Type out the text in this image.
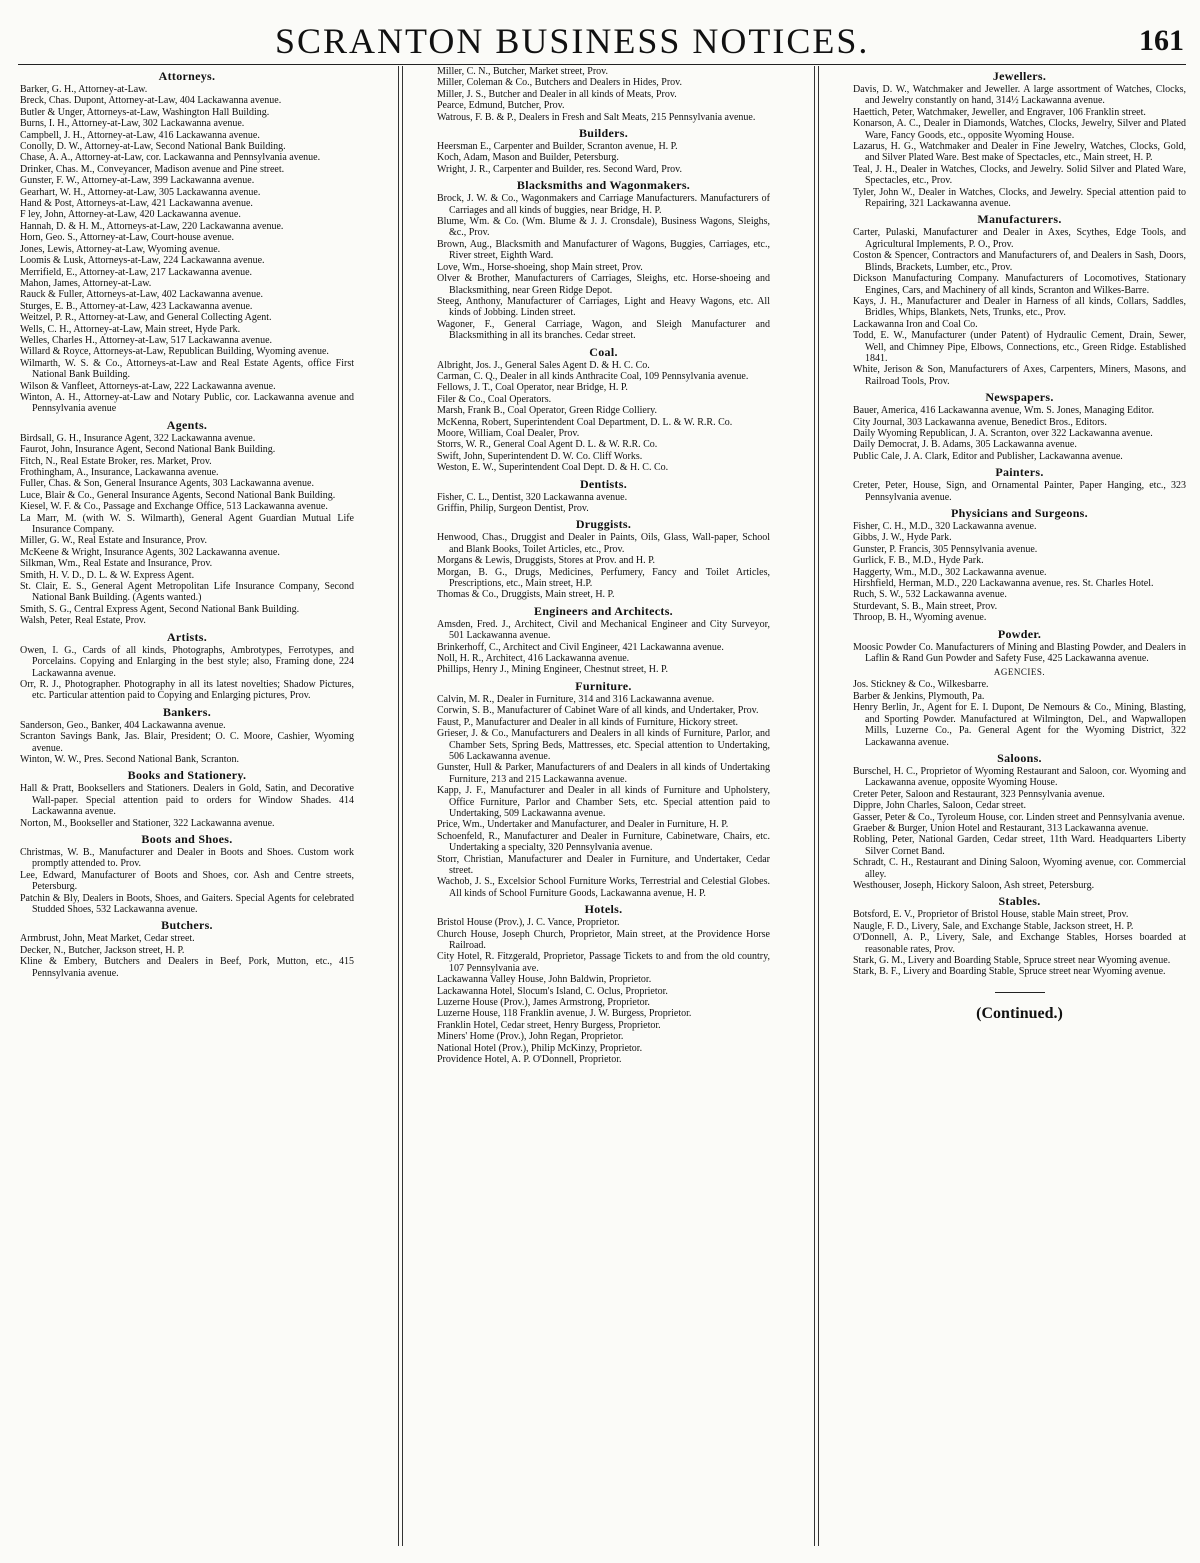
SCRANTON BUSINESS NOTICES.	161
Attorneys.

Barker, G. H., Attorney-at-Law.

Breck, Chas. Dupont, Attorney-at-Law, 404 Lackawanna avenue.

Butler & Unger, Attorneys-at-Law, Washington Hall Building.

Burns, I. H., Attorney-at-Law, 302 Lackawanna avenue.

Campbell, J. H., Attorney-at-Law, 416 Lackawanna avenue.

Conolly, D. W., Attorney-at-Law, Second National Bank Building.

Chase, A. A., Attorney-at-Law, cor. Lackawanna and Pennsylvania avenue.

Drinker, Chas. M., Conveyancer, Madison avenue and Pine street.

Gunster, F. W., Attorney-at-Law, 399 Lackawanna avenue.

Gearhart, W. H., Attorney-at-Law, 305 Lackawanna avenue.

Hand & Post, Attorneys-at-Law, 421 Lackawanna avenue.

F ley, John, Attorney-at-Law, 420 Lackawanna avenue.

Hannah, D. & H. M., Attorneys-at-Law, 220 Lackawanna avenue.

Horn, Geo. S., Attorney-at-Law, Court-house avenue.

Jones, Lewis, Attorney-at-Law, Wyoming avenue.

Loomis & Lusk, Attorneys-at-Law, 224 Lackawanna avenue.

Merrifield, E., Attorney-at-Law, 217 Lackawanna avenue.

Mahon, James, Attorney-at-Law.

Rauck & Fuller, Attorneys-at-Law, 402 Lackawanna avenue.

Sturges, E. B., Attorney-at-Law, 423 Lackawanna avenue.

Weitzel, P. R., Attorney-at-Law, and General Collecting Agent.

Wells, C. H., Attorney-at-Law, Main street, Hyde Park.

Welles, Charles H., Attorney-at-Law, 517 Lackawanna avenue.

Willard & Royce, Attorneys-at-Law, Republican Building, Wyoming avenue.

Wilmarth, W. S. & Co., Attorneys-at-Law and Real Estate Agents, office First National Bank Building.

Wilson & Vanfleet, Attorneys-at-Law, 222 Lackawanna avenue.

Winton, A. H., Attorney-at-Law and Notary Public, cor. Lackawanna avenue and Pennsylvania avenue

Agents.

Birdsall, G. H., Insurance Agent, 322 Lackawanna avenue.

Faurot, John, Insurance Agent, Second National Bank Building.

Fitch, N., Real Estate Broker, res. Market, Prov.

Frothingham, A., Insurance, Lackawanna avenue.

Fuller, Chas. & Son, General Insurance Agents, 303 Lackawanna avenue.

Luce, Blair & Co., General Insurance Agents, Second National Bank Building.

Kiesel, W. F. & Co., Passage and Exchange Office, 513 Lackawanna avenue.

La Marr, M. (with W. S. Wilmarth), General Agent Guardian Mutual Life Insurance Company.

Miller, G. W., Real Estate and Insurance, Prov.

McKeene & Wright, Insurance Agents, 302 Lackawanna avenue.

Silkman, Wm., Real Estate and Insurance, Prov.

Smith, H. V. D., D. L. & W. Express Agent.

St. Clair, E. S., General Agent Metropolitan Life Insurance Company, Second National Bank Building. (Agents wanted.)

Smith, S. G., Central Express Agent, Second National Bank Building.

Walsh, Peter, Real Estate, Prov.

Artists.

Owen, I. G., Cards of all kinds, Photographs, Ambrotypes, Ferrotypes, and Porcelains. Copying and Enlarging in the best style; also, Framing done, 224 Lackawanna avenue.

Orr, R. J., Photographer. Photography in all its latest novelties; Shadow Pictures, etc. Particular attention paid to Copying and Enlarging pictures, Prov.

Bankers.

Sanderson, Geo., Banker, 404 Lackawanna avenue.

Scranton Savings Bank, Jas. Blair, President; O. C. Moore, Cashier, Wyoming avenue.

Winton, W. W., Pres. Second National Bank, Scranton.

Books and Stationery.

Hall & Pratt, Booksellers and Stationers. Dealers in Gold, Satin, and Decorative Wall-paper. Special attention paid to orders for Window Shades. 414 Lackawanna avenue.

Norton, M., Bookseller and Stationer, 322 Lackawanna avenue.

Boots and Shoes.

Christmas, W. B., Manufacturer and Dealer in Boots and Shoes. Custom work promptly attended to. Prov.

Lee, Edward, Manufacturer of Boots and Shoes, cor. Ash and Centre streets, Petersburg.

Patchin & Bly, Dealers in Boots, Shoes, and Gaiters. Special Agents for celebrated Studded Shoes, 532 Lackawanna avenue.

Butchers.

Armbrust, John, Meat Market, Cedar street.

Decker, N., Butcher, Jackson street, H. P.

Kline & Embery, Butchers and Dealers in Beef, Pork, Mutton, etc., 415 Pennsylvania avenue.

Miller, C. N., Butcher, Market street, Prov.

Miller, Coleman & Co., Butchers and Dealers in Hides, Prov.

Miller, J. S., Butcher and Dealer in all kinds of Meats, Prov.

Pearce, Edmund, Butcher, Prov.

Watrous, F. B. & P., Dealers in Fresh and Salt Meats, 215 Pennsylvania avenue.

Builders.

Heersman E., Carpenter and Builder, Scranton avenue, H. P.

Koch, Adam, Mason and Builder, Petersburg.

Wright, J. R., Carpenter and Builder, res. Second Ward, Prov.

Blacksmiths and Wagonmakers.

Brock, J. W. & Co., Wagonmakers and Carriage Manufacturers. Manufacturers of Carriages and all kinds of buggies, near Bridge, H. P.

Blume, Wm. & Co. (Wm. Blume & J. J. Cronsdale), Business Wagons, Sleighs, &c., Prov.

Brown, Aug., Blacksmith and Manufacturer of Wagons, Buggies, Carriages, etc., River street, Eighth Ward.

Love, Wm., Horse-shoeing, shop Main street, Prov.

Olver & Brother, Manufacturers of Carriages, Sleighs, etc. Horse-shoeing and Blacksmithing, near Green Ridge Depot.

Steeg, Anthony, Manufacturer of Carriages, Light and Heavy Wagons, etc. All kinds of Jobbing. Linden street.

Wagoner, F., General Carriage, Wagon, and Sleigh Manufacturer and Blacksmithing in all its branches. Cedar street.

Coal.

Albright, Jos. J., General Sales Agent D. & H. C. Co.

Carman, C. Q., Dealer in all kinds Anthracite Coal, 109 Pennsylvania avenue.

Fellows, J. T., Coal Operator, near Bridge, H. P.

Filer & Co., Coal Operators.

Marsh, Frank B., Coal Operator, Green Ridge Colliery.

McKenna, Robert, Superintendent Coal Department, D. L. & W. R.R. Co.

Moore, William, Coal Dealer, Prov.

Storrs, W. R., General Coal Agent D. L. & W. R.R. Co.

Swift, John, Superintendent D. W. Co. Cliff Works.

Weston, E. W., Superintendent Coal Dept. D. & H. C. Co.

Dentists.

Fisher, C. L., Dentist, 320 Lackawanna avenue.

Griffin, Philip, Surgeon Dentist, Prov.

Druggists.

Henwood, Chas., Druggist and Dealer in Paints, Oils, Glass, Wall-paper, School and Blank Books, Toilet Articles, etc., Prov.

Morgans & Lewis, Druggists, Stores at Prov. and H. P.

Morgan, B. G., Drugs, Medicines, Perfumery, Fancy and Toilet Articles, Prescriptions, etc., Main street, H.P.

Thomas & Co., Druggists, Main street, H. P.

Engineers and Architects.

Amsden, Fred. J., Architect, Civil and Mechanical Engineer and City Surveyor, 501 Lackawanna avenue.

Brinkerhoff, C., Architect and Civil Engineer, 421 Lackawanna avenue.

Noll, H. R., Architect, 416 Lackawanna avenue.

Phillips, Henry J., Mining Engineer, Chestnut street, H. P.

Furniture.

Calvin, M. R., Dealer in Furniture, 314 and 316 Lackawanna avenue.

Corwin, S. B., Manufacturer of Cabinet Ware of all kinds, and Undertaker, Prov.

Faust, P., Manufacturer and Dealer in all kinds of Furniture, Hickory street.

Grieser, J. & Co., Manufacturers and Dealers in all kinds of Furniture, Parlor, and Chamber Sets, Spring Beds, Mattresses, etc. Special attention to Undertaking, 506 Lackawanna avenue.

Gunster, Hull & Parker, Manufacturers of and Dealers in all kinds of Undertaking Furniture, 213 and 215 Lackawanna avenue.

Kapp, J. F., Manufacturer and Dealer in all kinds of Furniture and Upholstery, Office Furniture, Parlor and Chamber Sets, etc. Special attention paid to Undertaking, 509 Lackawanna avenue.

Price, Wm., Undertaker and Manufacturer, and Dealer in Furniture, H. P.

Schoenfeld, R., Manufacturer and Dealer in Furniture, Cabinetware, Chairs, etc. Undertaking a specialty, 320 Pennsylvania avenue.

Storr, Christian, Manufacturer and Dealer in Furniture, and Undertaker, Cedar street.

Wachob, J. S., Excelsior School Furniture Works, Terrestrial and Celestial Globes. All kinds of School Furniture Goods, Lackawanna avenue, H. P.

Hotels.

Bristol House (Prov.), J. C. Vance, Proprietor.

Church House, Joseph Church, Proprietor, Main street, at the Providence Horse Railroad.

City Hotel, R. Fitzgerald, Proprietor, Passage Tickets to and from the old country, 107 Pennsylvania ave.

Lackawanna Valley House, John Baldwin, Proprietor.

Lackawanna Hotel, Slocum's Island, C. Oclus, Proprietor.

Luzerne House (Prov.), James Armstrong, Proprietor.

Luzerne House, 118 Franklin avenue, J. W. Burgess, Proprietor.

Franklin Hotel, Cedar street, Henry Burgess, Proprietor.

Miners' Home (Prov.), John Regan, Proprietor.

National Hotel (Prov.), Philip McKinzy, Proprietor.

Providence Hotel, A. P. O'Donnell, Proprietor.

Jewellers.

Davis, D. W., Watchmaker and Jeweller. A large assortment of Watches, Clocks, and Jewelry constantly on hand, 314½ Lackawanna avenue.

Haettich, Peter, Watchmaker, Jeweller, and Engraver, 106 Franklin street.

Konarson, A. C., Dealer in Diamonds, Watches, Clocks, Jewelry, Silver and Plated Ware, Fancy Goods, etc., opposite Wyoming House.

Lazarus, H. G., Watchmaker and Dealer in Fine Jewelry, Watches, Clocks, Gold, and Silver Plated Ware. Best make of Spectacles, etc., Main street, H. P.

Teal, J. H., Dealer in Watches, Clocks, and Jewelry. Solid Silver and Plated Ware, Spectacles, etc., Prov.

Tyler, John W., Dealer in Watches, Clocks, and Jewelry. Special attention paid to Repairing, 321 Lackawanna avenue.

Manufacturers.

Carter, Pulaski, Manufacturer and Dealer in Axes, Scythes, Edge Tools, and Agricultural Implements, P. O., Prov.

Coston & Spencer, Contractors and Manufacturers of, and Dealers in Sash, Doors, Blinds, Brackets, Lumber, etc., Prov.

Dickson Manufacturing Company. Manufacturers of Locomotives, Stationary Engines, Cars, and Machinery of all kinds, Scranton and Wilkes-Barre.

Kays, J. H., Manufacturer and Dealer in Harness of all kinds, Collars, Saddles, Bridles, Whips, Blankets, Nets, Trunks, etc., Prov.

Lackawanna Iron and Coal Co.

Todd, E. W., Manufacturer (under Patent) of Hydraulic Cement, Drain, Sewer, Well, and Chimney Pipe, Elbows, Connections, etc., Green Ridge. Established 1841.

White, Jerison & Son, Manufacturers of Axes, Carpenters, Miners, Masons, and Railroad Tools, Prov.

Newspapers.

Bauer, America, 416 Lackawanna avenue, Wm. S. Jones, Managing Editor.

City Journal, 303 Lackawanna avenue, Benedict Bros., Editors.

Daily Wyoming Republican, J. A. Scranton, over 322 Lackawanna avenue.

Daily Democrat, J. B. Adams, 305 Lackawanna avenue.

Public Cale, J. A. Clark, Editor and Publisher, Lackawanna avenue.

Painters.

Creter, Peter, House, Sign, and Ornamental Painter, Paper Hanging, etc., 323 Pennsylvania avenue.

Physicians and Surgeons.

Fisher, C. H., M.D., 320 Lackawanna avenue.

Gibbs, J. W., Hyde Park.

Gunster, P. Francis, 305 Pennsylvania avenue.

Gurlick, F. B., M.D., Hyde Park.

Haggerty, Wm., M.D., 302 Lackawanna avenue.

Hirshfield, Herman, M.D., 220 Lackawanna avenue, res. St. Charles Hotel.

Ruch, S. W., 532 Lackawanna avenue.

Sturdevant, S. B., Main street, Prov.

Throop, B. H., Wyoming avenue.

Powder.

Moosic Powder Co. Manufacturers of Mining and Blasting Powder, and Dealers in Laflin & Rand Gun Powder and Safety Fuse, 425 Lackawanna avenue.

AGENCIES.

Jos. Stickney & Co., Wilkesbarre.

Barber & Jenkins, Plymouth, Pa.

Henry Berlin, Jr., Agent for E. I. Dupont, De Nemours & Co., Mining, Blasting, and Sporting Powder. Manufactured at Wilmington, Del., and Wapwallopen Mills, Luzerne Co., Pa. General Agent for the Wyoming District, 322 Lackawanna avenue.

Saloons.

Burschel, H. C., Proprietor of Wyoming Restaurant and Saloon, cor. Wyoming and Lackawanna avenue, opposite Wyoming House.

Creter Peter, Saloon and Restaurant, 323 Pennsylvania avenue.

Dippre, John Charles, Saloon, Cedar street.

Gasser, Peter & Co., Tyroleum House, cor. Linden street and Pennsylvania avenue.

Graeber & Burger, Union Hotel and Restaurant, 313 Lackawanna avenue.

Robling, Peter, National Garden, Cedar street, 11th Ward. Headquarters Liberty Silver Cornet Band.

Schradt, C. H., Restaurant and Dining Saloon, Wyoming avenue, cor. Commercial alley.

Westhouser, Joseph, Hickory Saloon, Ash street, Petersburg.

Stables.

Botsford, E. V., Proprietor of Bristol House, stable Main street, Prov.

Naugle, F. D., Livery, Sale, and Exchange Stable, Jackson street, H. P.

O'Donnell, A. P., Livery, Sale, and Exchange Stables, Horses boarded at reasonable rates, Prov.

Stark, G. M., Livery and Boarding Stable, Spruce street near Wyoming avenue.

Stark, B. F., Livery and Boarding Stable, Spruce street near Wyoming avenue.

(Continued.)
